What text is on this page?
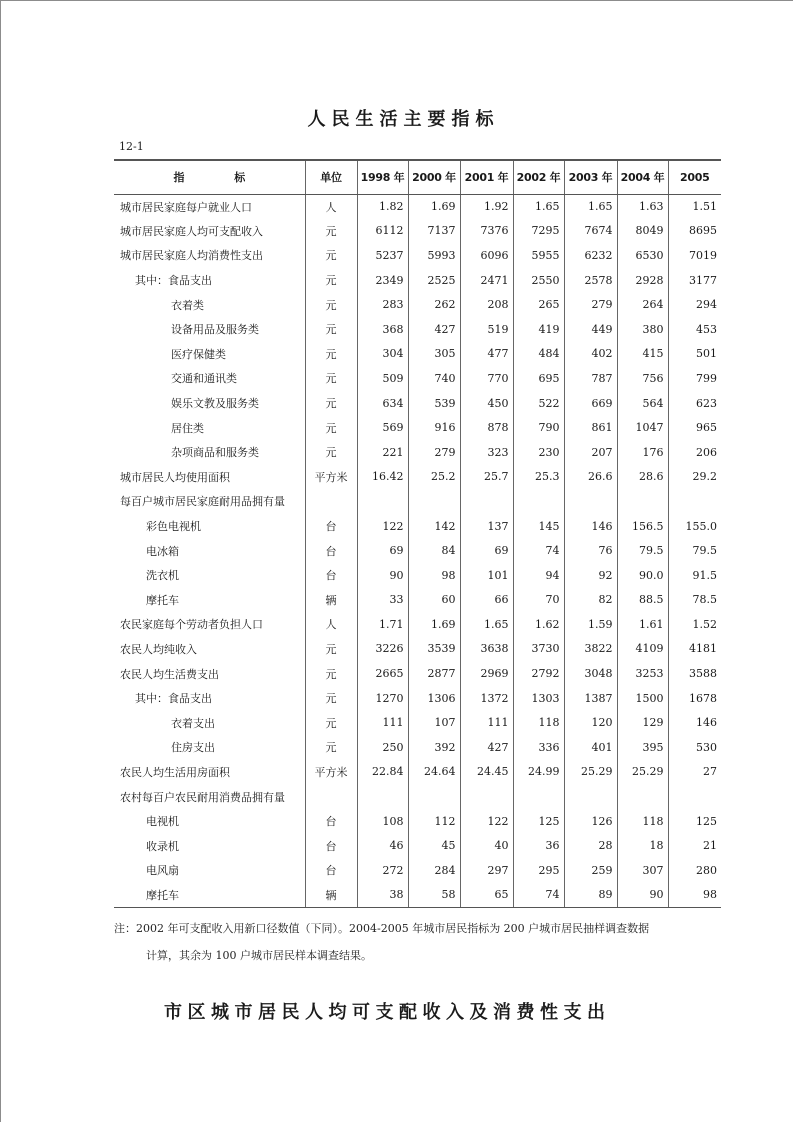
人民生活主要指标
12-1
指 标	单位	1998 年	2000 年	2001 年	2002 年	2003 年	2004 年	2005
城市居民家庭每户就业人口	人	1.82	1.69	1.92	1.65	1.65	1.63	1.51
城市居民家庭人均可支配收入	元	6112	7137	7376	7295	7674	8049	8695
城市居民家庭人均消费性支出	元	5237	5993	6096	5955	6232	6530	7019
其中：食品支出	元	2349	2525	2471	2550	2578	2928	3177
衣着类	元	283	262	208	265	279	264	294
设备用品及服务类	元	368	427	519	419	449	380	453
医疗保健类	元	304	305	477	484	402	415	501
交通和通讯类	元	509	740	770	695	787	756	799
娱乐文教及服务类	元	634	539	450	522	669	564	623
居住类	元	569	916	878	790	861	1047	965
杂项商品和服务类	元	221	279	323	230	207	176	206
城市居民人均使用面积	平方米	16.42	25.2	25.7	25.3	26.6	28.6	29.2
每百户城市居民家庭耐用品拥有量								
彩色电视机	台	122	142	137	145	146	156.5	155.0
电冰箱	台	69	84	69	74	76	79.5	79.5
洗衣机	台	90	98	101	94	92	90.0	91.5
摩托车	辆	33	60	66	70	82	88.5	78.5
农民家庭每个劳动者负担人口	人	1.71	1.69	1.65	1.62	1.59	1.61	1.52
农民人均纯收入	元	3226	3539	3638	3730	3822	4109	4181
农民人均生活费支出	元	2665	2877	2969	2792	3048	3253	3588
其中：食品支出	元	1270	1306	1372	1303	1387	1500	1678
衣着支出	元	111	107	111	118	120	129	146
住房支出	元	250	392	427	336	401	395	530
农民人均生活用房面积	平方米	22.84	24.64	24.45	24.99	25.29	25.29	27
农村每百户农民耐用消费品拥有量								
电视机	台	108	112	122	125	126	118	125
收录机	台	46	45	40	36	28	18	21
电风扇	台	272	284	297	295	259	307	280
摩托车	辆	38	58	65	74	89	90	98
注：2002 年可支配收入用新口径数值（下同）。2004-2005 年城市居民指标为 200 户城市居民抽样调查数据
计算，其余为 100 户城市居民样本调查结果。
市区城市居民人均可支配收入及消费性支出
